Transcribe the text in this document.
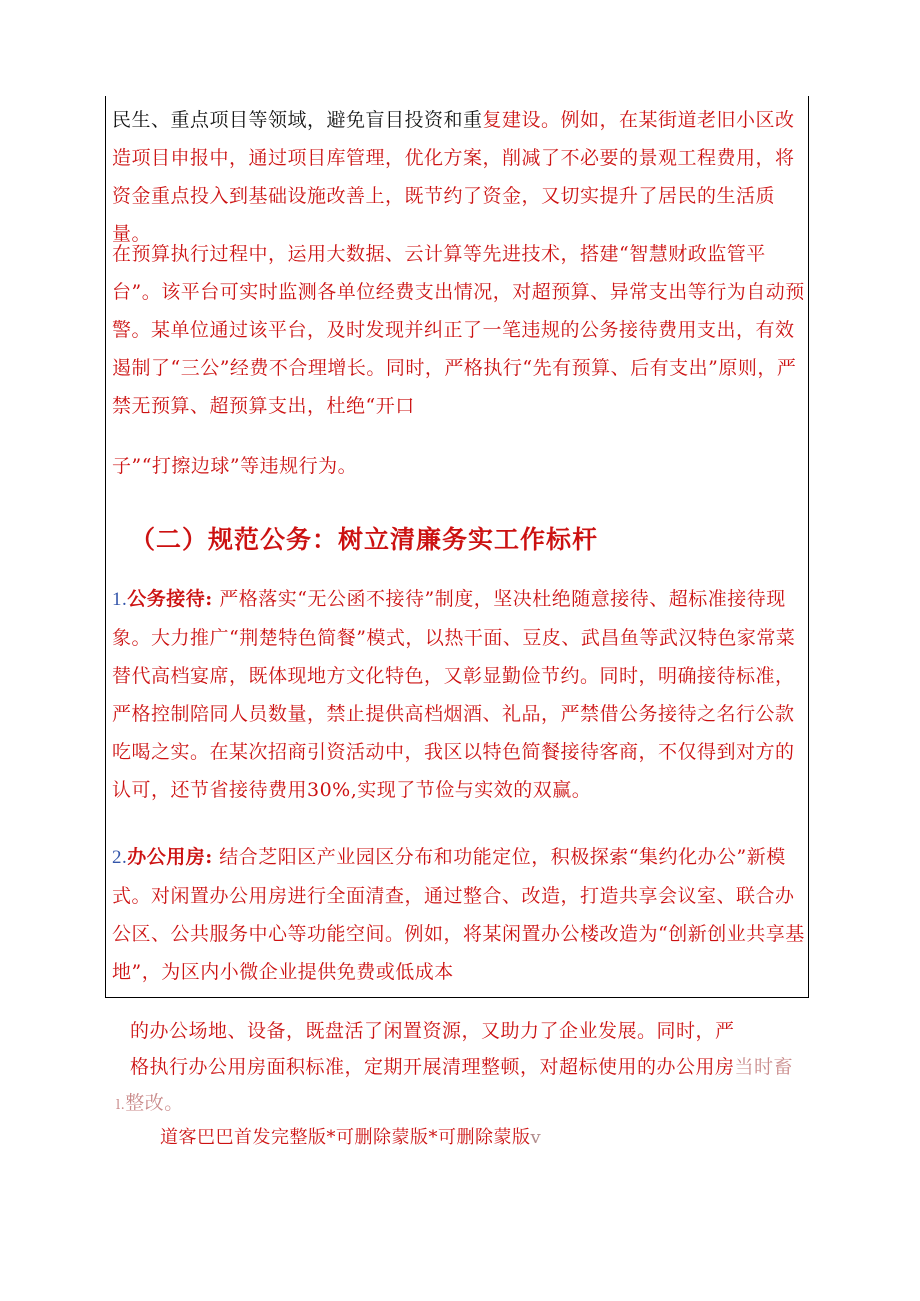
民生、重点项目等领域，避免盲目投资和重复建设。例如，在某街道老旧小区改造项目申报中，通过项目库管理，优化方案，削减了不必要的景观工程费用，将资金重点投入到基础设施改善上，既节约了资金，又切实提升了居民的生活质量。

在预算执行过程中，运用大数据、云计算等先进技术，搭建“智慧财政监管平台”。该平台可实时监测各单位经费支出情况，对超预算、异常支出等行为自动预警。某单位通过该平台，及时发现并纠正了一笔违规的公务接待费用支出，有效遏制了“三公”经费不合理增长。同时，严格执行“先有预算、后有支出”原则，严禁无预算、超预算支出，杜绝“开口

子”“打擦边球”等违规行为。

（二）规范公务：树立清廉务实工作标杆

1.公务接待: 严格落实“无公函不接待”制度，坚决杜绝随意接待、超标准接待现象。大力推广“荆楚特色简餐”模式，以热干面、豆皮、武昌鱼等武汉特色家常菜替代高档宴席，既体现地方文化特色，又彰显勤俭节约。同时，明确接待标准，严格控制陪同人员数量，禁止提供高档烟酒、礼品，严禁借公务接待之名行公款吃喝之实。在某次招商引资活动中，我区以特色简餐接待客商，不仅得到对方的认可，还节省接待费用30%,实现了节俭与实效的双赢。

2.办公用房: 结合芝阳区产业园区分布和功能定位，积极探索“集约化办公”新模式。对闲置办公用房进行全面清查，通过整合、改造，打造共享会议室、联合办公区、公共服务中心等功能空间。例如，将某闲置办公楼改造为“创新创业共享基地”，为区内小微企业提供免费或低成本

的办公场地、设备，既盘活了闲置资源，又助力了企业发展。同时，严

格执行办公用房面积标准，定期开展清理整顿，对超标使用的办公用房当时畜

l.整改。

道客巴巴首发完整版*可删除蒙版*可删除蒙版v
